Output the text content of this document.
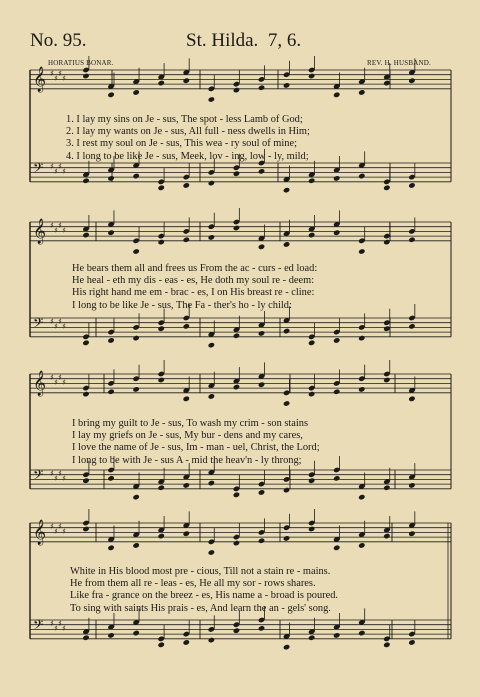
No. 95.	St. Hilda. 7, 6.
HORATIUS BONAR.	REV. H. HUSBAND.
𝄞 ♯
♯
♯
♯
𝄢 ♯
♯
♯
♯
𝄞 ♯
♯
♯
♯
𝄢 ♯
♯
♯
♯
𝄞 ♯
♯
♯
♯
𝄢 ♯
♯
♯
♯
𝄞 ♯
♯
♯
♯
𝄢 ♯
♯
♯
♯
1. I lay my sins on Je - sus, The spot - less Lamb of God;
2. I lay my wants on Je - sus, All full - ness dwells in Him;
3. I rest my soul on Je - sus, This wea - ry soul of mine;
4. I long to be like Je - sus, Meek, lov - ing, low - ly, mild;
He bears them all and frees us From the ac - curs - ed load:
He heal - eth my dis - eas - es, He doth my soul re - deem:
His right hand me em - brac - es, I on His breast re - cline:
I long to be like Je - sus, The Fa - ther's ho - ly child:
I bring my guilt to Je - sus, To wash my crim - son stains
I lay my griefs on Je - sus, My bur - dens and my cares,
I love the name of Je - sus, Im - man - uel, Christ, the Lord;
I long to be with Je - sus A - mid the heav'n - ly throng;
White in His blood most pre - cious, Till not a stain re - mains.
He from them all re - leas - es, He all my sor - rows shares.
Like fra - grance on the breez - es, His name a - broad is poured.
To sing with saints His prais - es, And learn the an - gels' song.
